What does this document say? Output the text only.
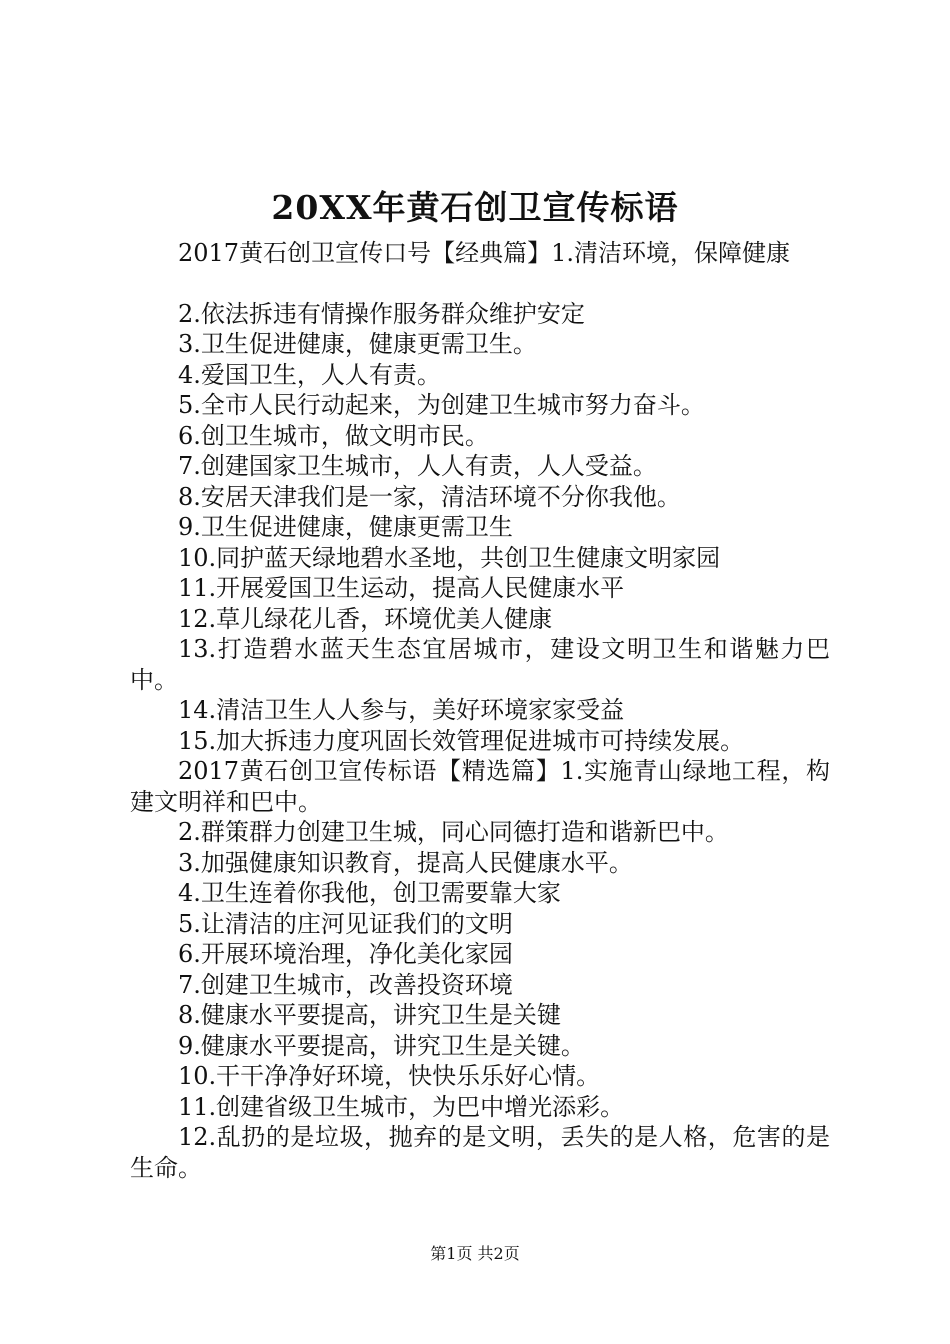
20XX年黄石创卫宣传标语

2017黄石创卫宣传口号【经典篇】1.清洁环境，保障健康

2.依法拆违有情操作服务群众维护安定

3.卫生促进健康，健康更需卫生。

4.爱国卫生，人人有责。

5.全市人民行动起来，为创建卫生城市努力奋斗。

6.创卫生城市，做文明市民。

7.创建国家卫生城市，人人有责，人人受益。

8.安居天津我们是一家，清洁环境不分你我他。

9.卫生促进健康，健康更需卫生

10.同护蓝天绿地碧水圣地，共创卫生健康文明家园

11.开展爱国卫生运动，提高人民健康水平

12.草儿绿花儿香，环境优美人健康

13.打造碧水蓝天生态宜居城市，建设文明卫生和谐魅力巴中。

14.清洁卫生人人参与，美好环境家家受益

15.加大拆违力度巩固长效管理促进城市可持续发展。

2017黄石创卫宣传标语【精选篇】1.实施青山绿地工程，构建文明祥和巴中。

2.群策群力创建卫生城，同心同德打造和谐新巴中。

3.加强健康知识教育，提高人民健康水平。

4.卫生连着你我他，创卫需要靠大家

5.让清洁的庄河见证我们的文明

6.开展环境治理，净化美化家园

7.创建卫生城市，改善投资环境

8.健康水平要提高，讲究卫生是关键

9.健康水平要提高，讲究卫生是关键。

10.干干净净好环境，快快乐乐好心情。

11.创建省级卫生城市，为巴中增光添彩。

12.乱扔的是垃圾，抛弃的是文明，丢失的是人格，危害的是生命。

第1页 共2页
